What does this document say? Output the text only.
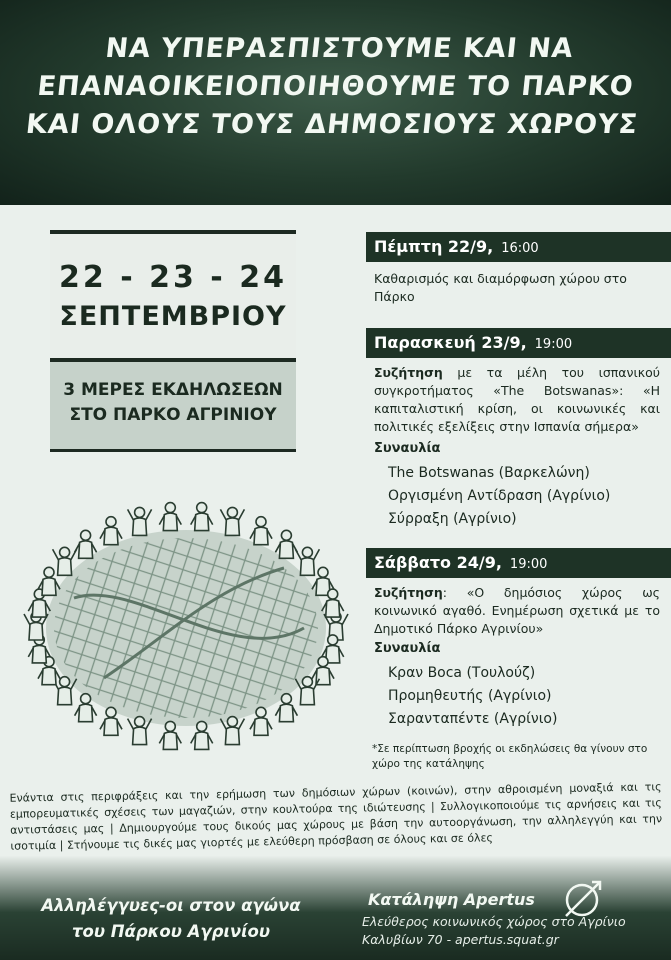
ΝΑ ΥΠΕΡΑΣΠΙΣΤΟΥΜΕ ΚΑΙ ΝΑ
ΕΠΑΝΑΟΙΚΕΙΟΠΟΙΗΘΟΥΜΕ ΤΟ ΠΑΡΚΟ
ΚΑΙ ΟΛΟΥΣ ΤΟΥΣ ΔΗΜΟΣΙΟΥΣ ΧΩΡΟΥΣ
22 - 23 - 24
ΣΕΠΤΕΜΒΡΙΟΥ
3 ΜΕΡΕΣ ΕΚΔΗΛΩΣΕΩΝ
ΣΤΟ ΠΑΡΚΟ ΑΓΡΙΝΙΟΥ
Πέμπτη 22/9, 16:00
Καθαρισμός και διαμόρφωση χώρου στο Πάρκο
Παρασκευή 23/9, 19:00
Συζήτηση με τα μέλη του ισπανικού συγκροτήματος «The Botswanas»: «Η καπιταλιστική κρίση, οι κοινωνικές και πολιτικές εξελίξεις στην Ισπανία σήμερα»
Συναυλία
The Botswanas (Βαρκελώνη)
Οργισμένη Αντίδραση (Αγρίνιο)
Σύρραξη (Αγρίνιο)
Σάββατο 24/9, 19:00
Συζήτηση: «Ο δημόσιος χώρος ως κοινωνικό αγαθό. Ενημέρωση σχετικά με το Δημοτικό Πάρκο Αγρινίου»
Συναυλία
Κραν Boca (Τουλούζ)
Προμηθευτής (Αγρίνιο)
Σαρανταπέντε (Αγρίνιο)
*Σε περίπτωση βροχής οι εκδηλώσεις θα γίνουν στο χώρο της κατάληψης
Ενάντια στις περιφράξεις και την ερήμωση των δημόσιων χώρων (κοινών), στην αθροισμένη μοναξιά και τις εμπορευματικές σχέσεις των μαγαζιών, στην κουλτούρα της ιδιώτευσης | Συλλογικοποιούμε τις αρνήσεις και τις αντιστάσεις μας | Δημιουργούμε τους δικούς μας χώρους με βάση την αυτοοργάνωση, την αλληλεγγύη και την ισοτιμία | Στήνουμε τις δικές μας γιορτές με ελεύθερη πρόσβαση σε όλους και σε όλες
Αλληλέγγυες-οι στον αγώνα
του Πάρκου Αγρινίου
Κατάληψη Apertus
Ελεύθερος κοινωνικός χώρος στο Αγρίνιο
Καλυβίων 70 - apertus.squat.gr
